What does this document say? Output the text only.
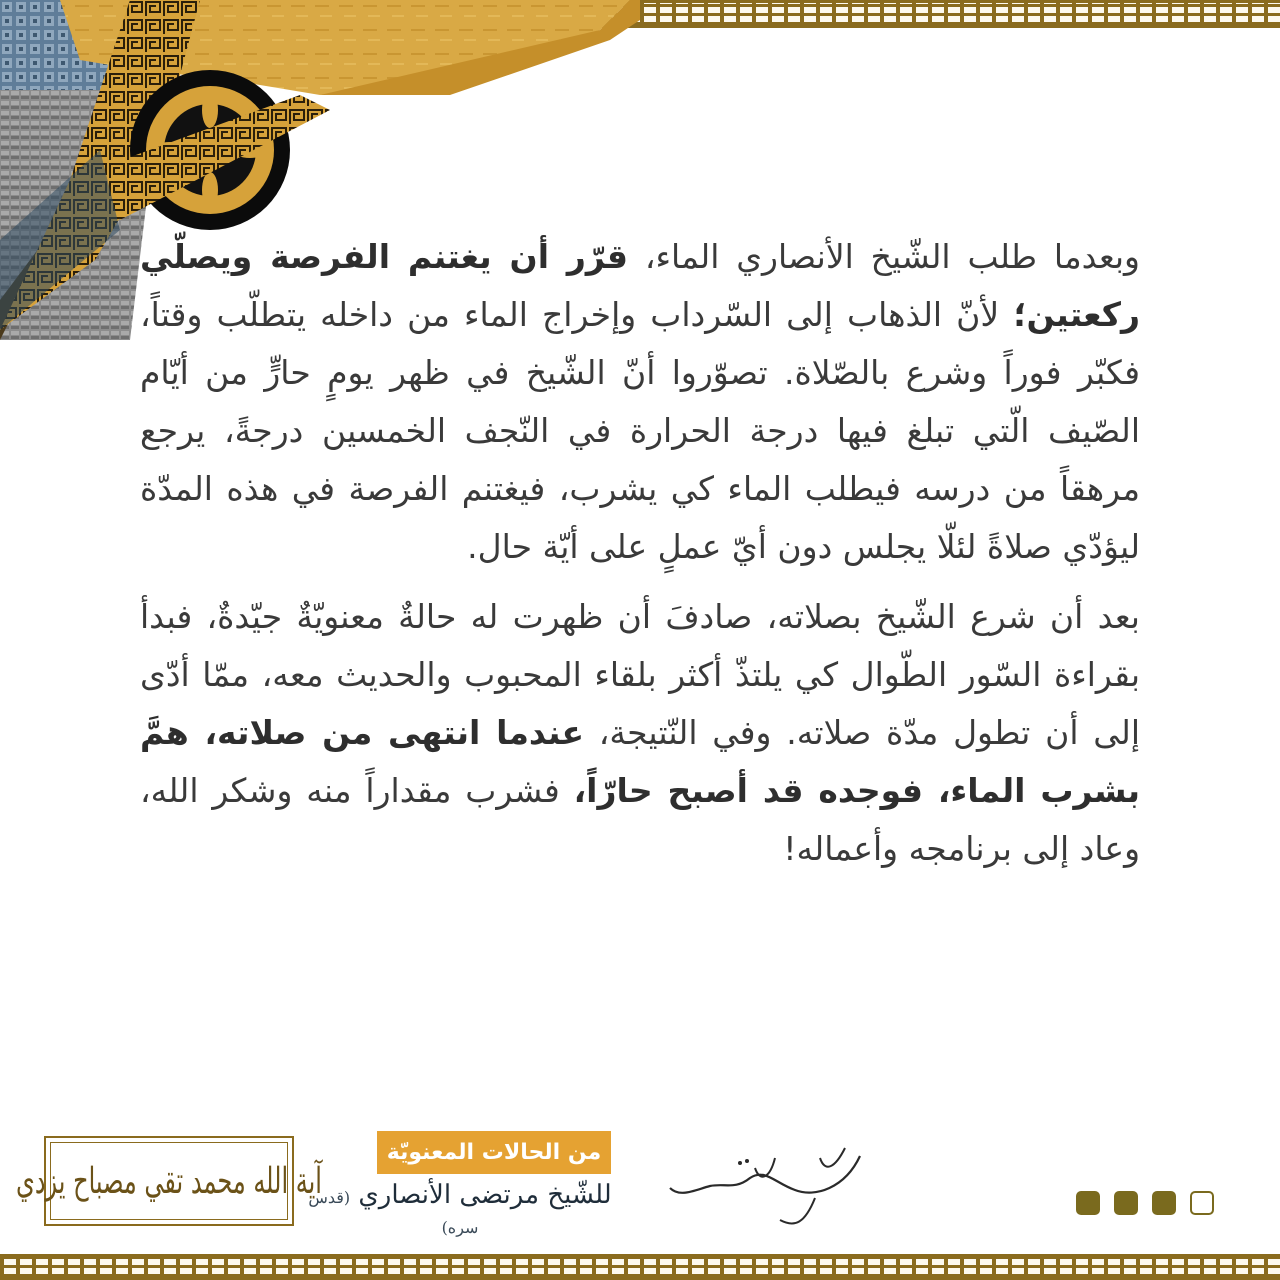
وبعدما طلب الشّيخ الأنصاري الماء، قرّر أن يغتنم الفرصة ويصلّي ركعتين؛ لأنّ الذهاب إلى السّرداب وإخراج الماء من داخله يتطلّب وقتاً، فكبّر فوراً وشرع بالصّلاة. تصوّروا أنّ الشّيخ في ظهر يومٍ حارٍّ من أيّام الصّيف الّتي تبلغ فيها درجة الحرارة في النّجف الخمسين درجةً، يرجع مرهقاً من درسه فيطلب الماء كي يشرب، فيغتنم الفرصة في هذه المدّة ليؤدّي صلاةً لئلّا يجلس دون أيّ عملٍ على أيّة حال.

بعد أن شرع الشّيخ بصلاته، صادفَ أن ظهرت له حالةٌ معنويّةٌ جيّدةٌ، فبدأ بقراءة السّور الطّوال كي يلتذّ أكثر بلقاء المحبوب والحديث معه، ممّا أدّى إلى أن تطول مدّة صلاته. وفي النّتيجة، عندما انتهى من صلاته، همَّ بشرب الماء، فوجده قد أصبح حارّاً، فشرب مقداراً منه وشكر الله، وعاد إلى برنامجه وأعماله!

آية الله محمد تقي مصباح يزدي
من الحالات المعنويّة
للشّيخ مرتضى الأنصاري (قدس سره)
